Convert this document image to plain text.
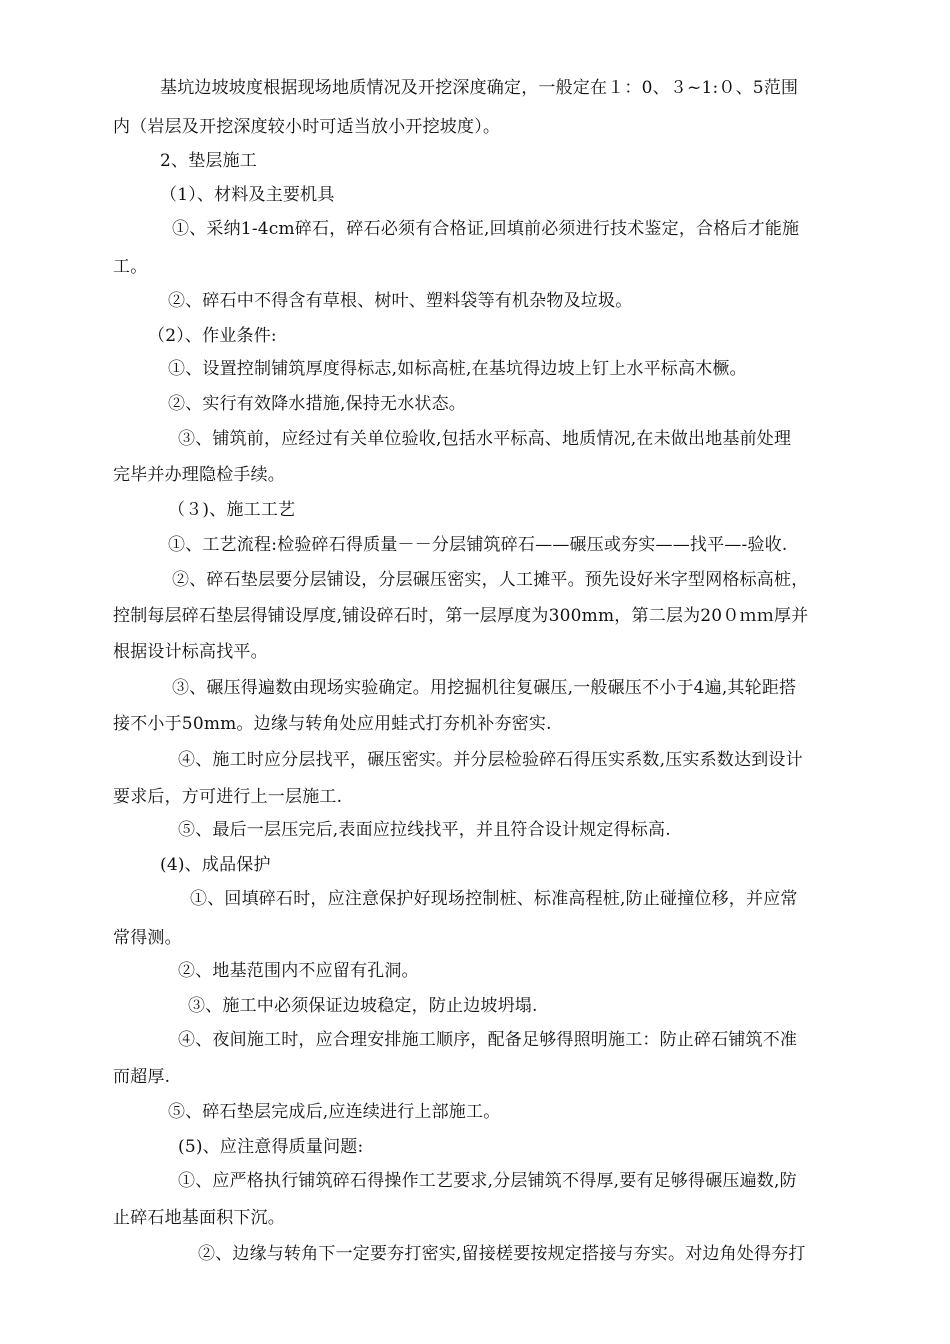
基坑边坡坡度根据现场地质情况及开挖深度确定，一般定在１：0、３~1:０、5范围
内（岩层及开挖深度较小时可适当放小开挖坡度）。
2、垫层施工
（1）、材料及主要机具
①、采纳1-4cm碎石，碎石必须有合格证,回填前必须进行技术鉴定，合格后才能施
工。
②、碎石中不得含有草根、树叶、塑料袋等有机杂物及垃圾。
（2）、作业条件:
①、设置控制铺筑厚度得标志,如标高桩,在基坑得边坡上钉上水平标高木橛。
②、实行有效降水措施,保持无水状态。
③、铺筑前，应经过有关单位验收,包括水平标高、地质情况,在未做出地基前处理
完毕并办理隐检手续。
（３)、施工工艺
①、工艺流程:检验碎石得质量－－分层铺筑碎石——碾压或夯实——找平—-验收.
②、碎石垫层要分层铺设，分层碾压密实，人工摊平。预先设好米字型网格标高桩，
控制每层碎石垫层得铺设厚度,铺设碎石时，第一层厚度为300mm，第二层为20０ｍｍ厚并
根据设计标高找平。
③、碾压得遍数由现场实验确定。用挖掘机往复碾压,一般碾压不小于4遍,其轮距搭
接不小于50mm。边缘与转角处应用蛙式打夯机补夯密实.
④、施工时应分层找平，碾压密实。并分层检验碎石得压实系数,压实系数达到设计
要求后，方可进行上一层施工.
⑤、最后一层压完后,表面应拉线找平，并且符合设计规定得标高.
(4)、成品保护
①、回填碎石时，应注意保护好现场控制桩、标准高程桩,防止碰撞位移，并应常
常得测。
②、地基范围内不应留有孔洞。
③、施工中必须保证边坡稳定，防止边坡坍塌.
④、夜间施工时，应合理安排施工顺序，配备足够得照明施工：防止碎石铺筑不准
而超厚.
⑤、碎石垫层完成后,应连续进行上部施工。
(5)、应注意得质量问题:
①、应严格执行铺筑碎石得操作工艺要求,分层铺筑不得厚,要有足够得碾压遍数,防
止碎石地基面积下沉。
②、边缘与转角下一定要夯打密实,留接槎要按规定搭接与夯实。对边角处得夯打
